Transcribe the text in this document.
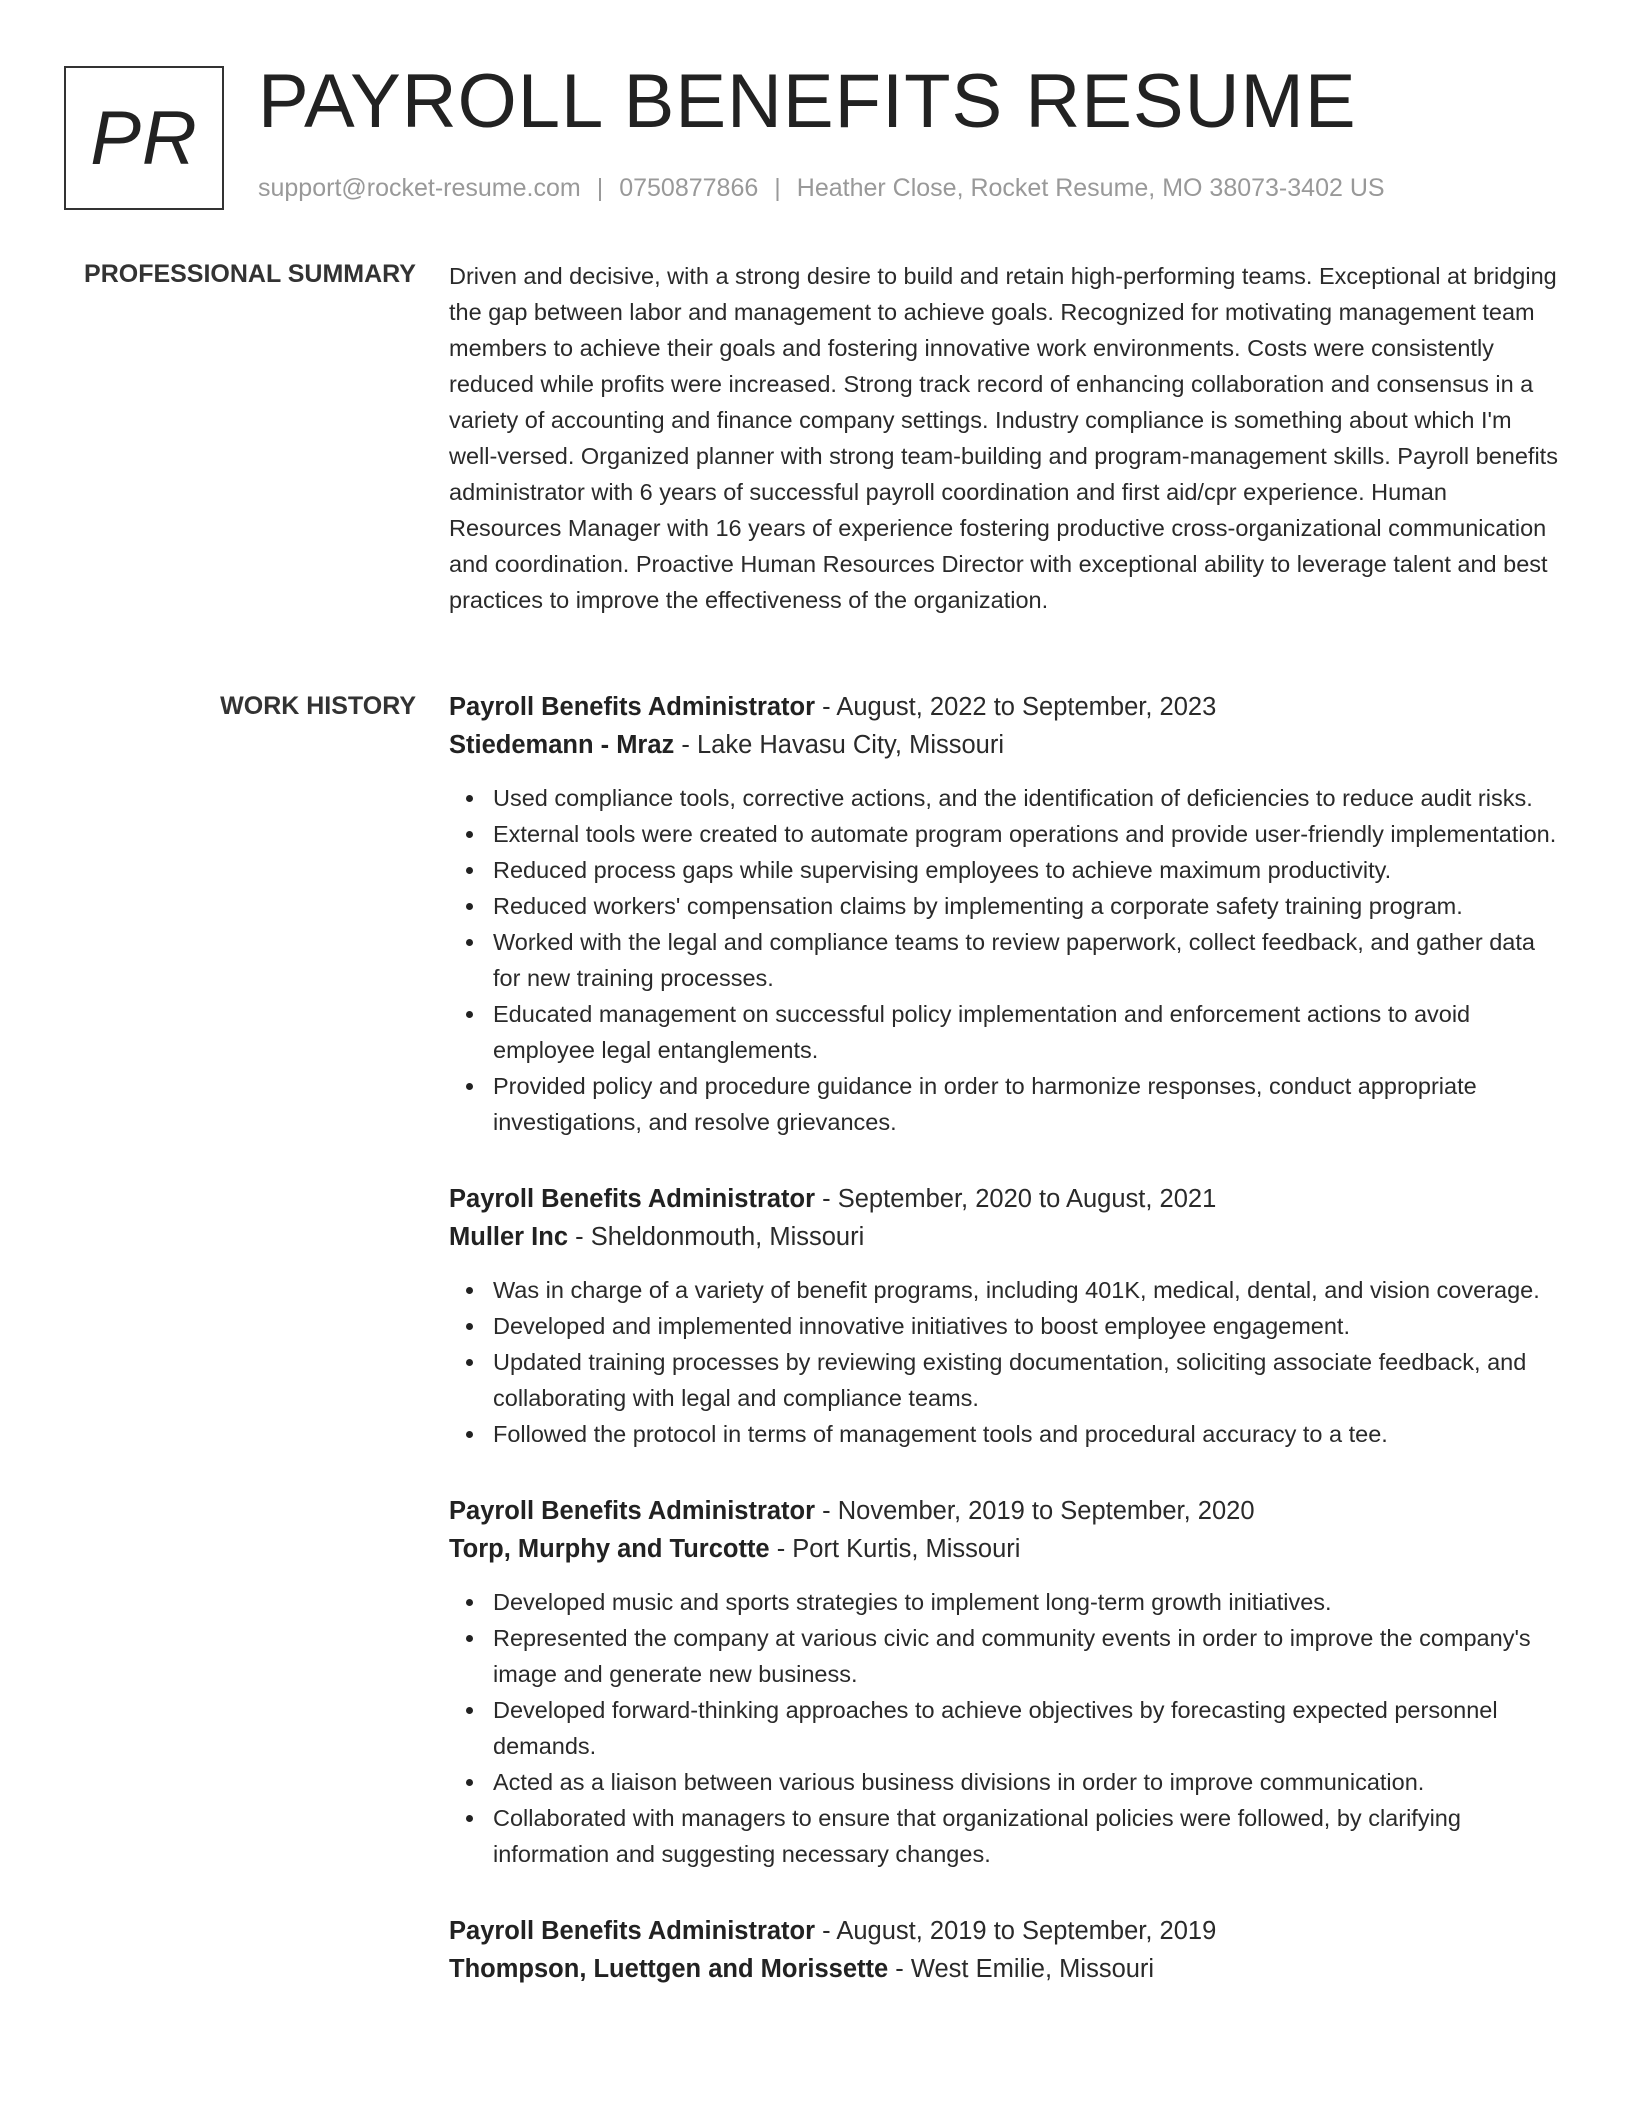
PR PAYROLL BENEFITS RESUME
support@rocket-resume.com | 0750877866 | Heather Close, Rocket Resume, MO 38073-3402 US
PROFESSIONAL SUMMARY Driven and decisive, with a strong desire to build and retain high-performing teams. Exceptional at bridging the gap between labor and management to achieve goals. Recognized for motivating management team members to achieve their goals and fostering innovative work environments. Costs were consistently reduced while profits were increased. Strong track record of enhancing collaboration and consensus in a variety of accounting and finance company settings. Industry compliance is something about which I'm well-versed. Organized planner with strong team-building and program-management skills. Payroll benefits administrator with 6 years of successful payroll coordination and first aid/cpr experience. Human Resources Manager with 16 years of experience fostering productive cross-organizational communication and coordination. Proactive Human Resources Director with exceptional ability to leverage talent and best practices to improve the effectiveness of the organization.

WORK HISTORY Payroll Benefits Administrator - August, 2022 to September, 2023
Stiedemann - Mraz - Lake Havasu City, Missouri
Used compliance tools, corrective actions, and the identification of deficiencies to reduce audit risks.
External tools were created to automate program operations and provide user-friendly implementation.
Reduced process gaps while supervising employees to achieve maximum productivity.
Reduced workers' compensation claims by implementing a corporate safety training program.
Worked with the legal and compliance teams to review paperwork, collect feedback, and gather data for new training processes.
Educated management on successful policy implementation and enforcement actions to avoid employee legal entanglements.
Provided policy and procedure guidance in order to harmonize responses, conduct appropriate investigations, and resolve grievances.
Payroll Benefits Administrator - September, 2020 to August, 2021
Muller Inc - Sheldonmouth, Missouri
Was in charge of a variety of benefit programs, including 401K, medical, dental, and vision coverage.
Developed and implemented innovative initiatives to boost employee engagement.
Updated training processes by reviewing existing documentation, soliciting associate feedback, and collaborating with legal and compliance teams.
Followed the protocol in terms of management tools and procedural accuracy to a tee.
Payroll Benefits Administrator - November, 2019 to September, 2020
Torp, Murphy and Turcotte - Port Kurtis, Missouri
Developed music and sports strategies to implement long-term growth initiatives.
Represented the company at various civic and community events in order to improve the company's image and generate new business.
Developed forward-thinking approaches to achieve objectives by forecasting expected personnel demands.
Acted as a liaison between various business divisions in order to improve communication.
Collaborated with managers to ensure that organizational policies were followed, by clarifying information and suggesting necessary changes.
Payroll Benefits Administrator - August, 2019 to September, 2019
Thompson, Luettgen and Morissette - West Emilie, Missouri
